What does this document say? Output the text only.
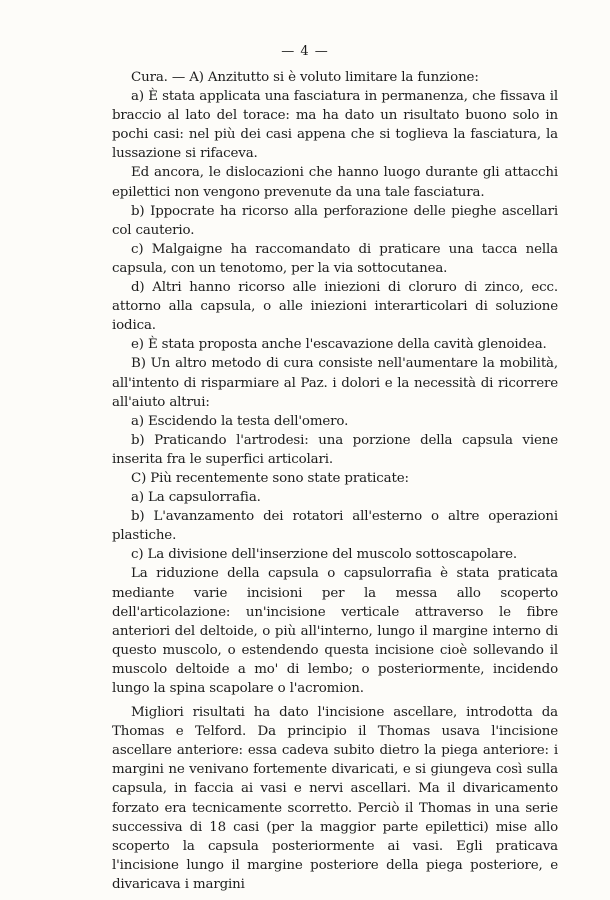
— 4 —

Cura. — A) Anzitutto si è voluto limitare la funzione:

a) È stata applicata una fasciatura in permanenza, che fissava il braccio al lato del torace: ma ha dato un risultato buono solo in pochi casi: nel più dei casi appena che si toglieva la fasciatura, la lussazione si rifaceva.

Ed ancora, le dislocazioni che hanno luogo durante gli attacchi epilettici non vengono prevenute da una tale fasciatura.

b) Ippocrate ha ricorso alla perforazione delle pieghe ascellari col cauterio.

c) Malgaigne ha raccomandato di praticare una tacca nella capsula, con un tenotomo, per la via sottocutanea.

d) Altri hanno ricorso alle iniezioni di cloruro di zinco, ecc. attorno alla capsula, o alle iniezioni interarticolari di soluzione iodica.

e) È stata proposta anche l'escavazione della cavità glenoidea.

B) Un altro metodo di cura consiste nell'aumentare la mobilità, all'intento di risparmiare al Paz. i dolori e la necessità di ricorrere all'aiuto altrui:

a) Escidendo la testa dell'omero.

b) Praticando l'artrodesi: una porzione della capsula viene inserita fra le superfici articolari.

C) Più recentemente sono state praticate:

a) La capsulorrafia.

b) L'avanzamento dei rotatori all'esterno o altre operazioni plastiche.

c) La divisione dell'inserzione del muscolo sottoscapolare.

La riduzione della capsula o capsulorrafia è stata praticata mediante varie incisioni per la messa allo scoperto dell'articolazione: un'incisione verticale attraverso le fibre anteriori del deltoide, o più all'interno, lungo il margine interno di questo muscolo, o estendendo questa incisione cioè sollevando il muscolo deltoide a mo' di lembo; o posteriormente, incidendo lungo la spina scapolare o l'acromion.

Migliori risultati ha dato l'incisione ascellare, introdotta da Thomas e Telford. Da principio il Thomas usava l'incisione ascellare anteriore: essa cadeva subito dietro la piega anteriore: i margini ne venivano fortemente divaricati, e si giungeva così sulla capsula, in faccia ai vasi e nervi ascellari. Ma il divaricamento forzato era tecnicamente scorretto. Perciò il Thomas in una serie successiva di 18 casi (per la maggior parte epilettici) mise allo scoperto la capsula posteriormente ai vasi. Egli praticava l'incisione lungo il margine posteriore della piega posteriore, e divaricava i margini
